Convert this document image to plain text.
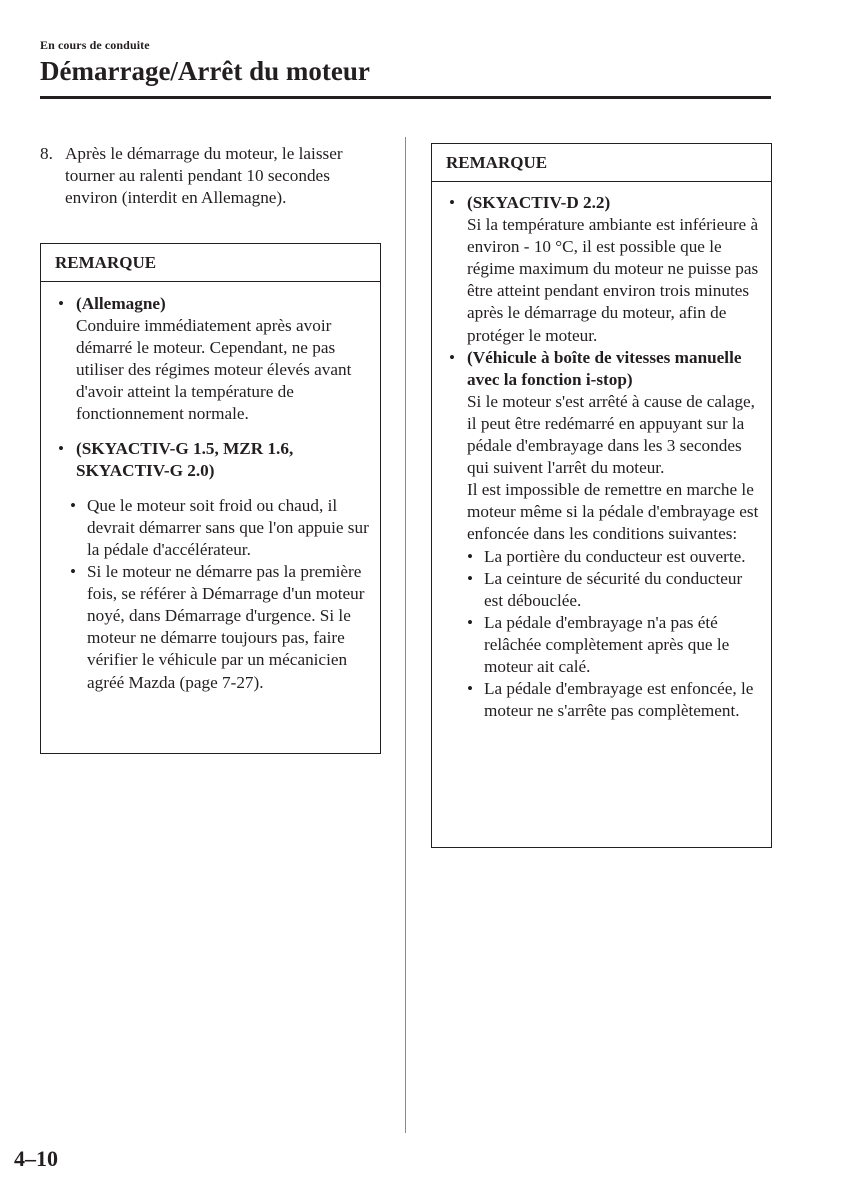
En cours de conduite
Démarrage/Arrêt du moteur
8. Après le démarrage du moteur, le laisser tourner au ralenti pendant 10 secondes environ (interdit en Allemagne).
REMARQUE
• (Allemagne)
Conduire immédiatement après avoir démarré le moteur. Cependant, ne pas utiliser des régimes moteur élevés avant d'avoir atteint la température de fonctionnement normale.
• (SKYACTIV-G 1.5, MZR 1.6, SKYACTIV-G 2.0)
• Que le moteur soit froid ou chaud, il devrait démarrer sans que l'on appuie sur la pédale d'accélérateur.
• Si le moteur ne démarre pas la première fois, se référer à Démarrage d'un moteur noyé, dans Démarrage d'urgence. Si le moteur ne démarre toujours pas, faire vérifier le véhicule par un mécanicien agréé Mazda (page 7-27).
REMARQUE
• (SKYACTIV-D 2.2)
Si la température ambiante est inférieure à environ - 10 °C, il est possible que le régime maximum du moteur ne puisse pas être atteint pendant environ trois minutes après le démarrage du moteur, afin de protéger le moteur.
• (Véhicule à boîte de vitesses manuelle avec la fonction i-stop)
Si le moteur s'est arrêté à cause de calage, il peut être redémarré en appuyant sur la pédale d'embrayage dans les 3 secondes qui suivent l'arrêt du moteur.
Il est impossible de remettre en marche le moteur même si la pédale d'embrayage est enfoncée dans les conditions suivantes:
• La portière du conducteur est ouverte.
• La ceinture de sécurité du conducteur est débouclée.
• La pédale d'embrayage n'a pas été relâchée complètement après que le moteur ait calé.
• La pédale d'embrayage est enfoncée, le moteur ne s'arrête pas complètement.
4–10
